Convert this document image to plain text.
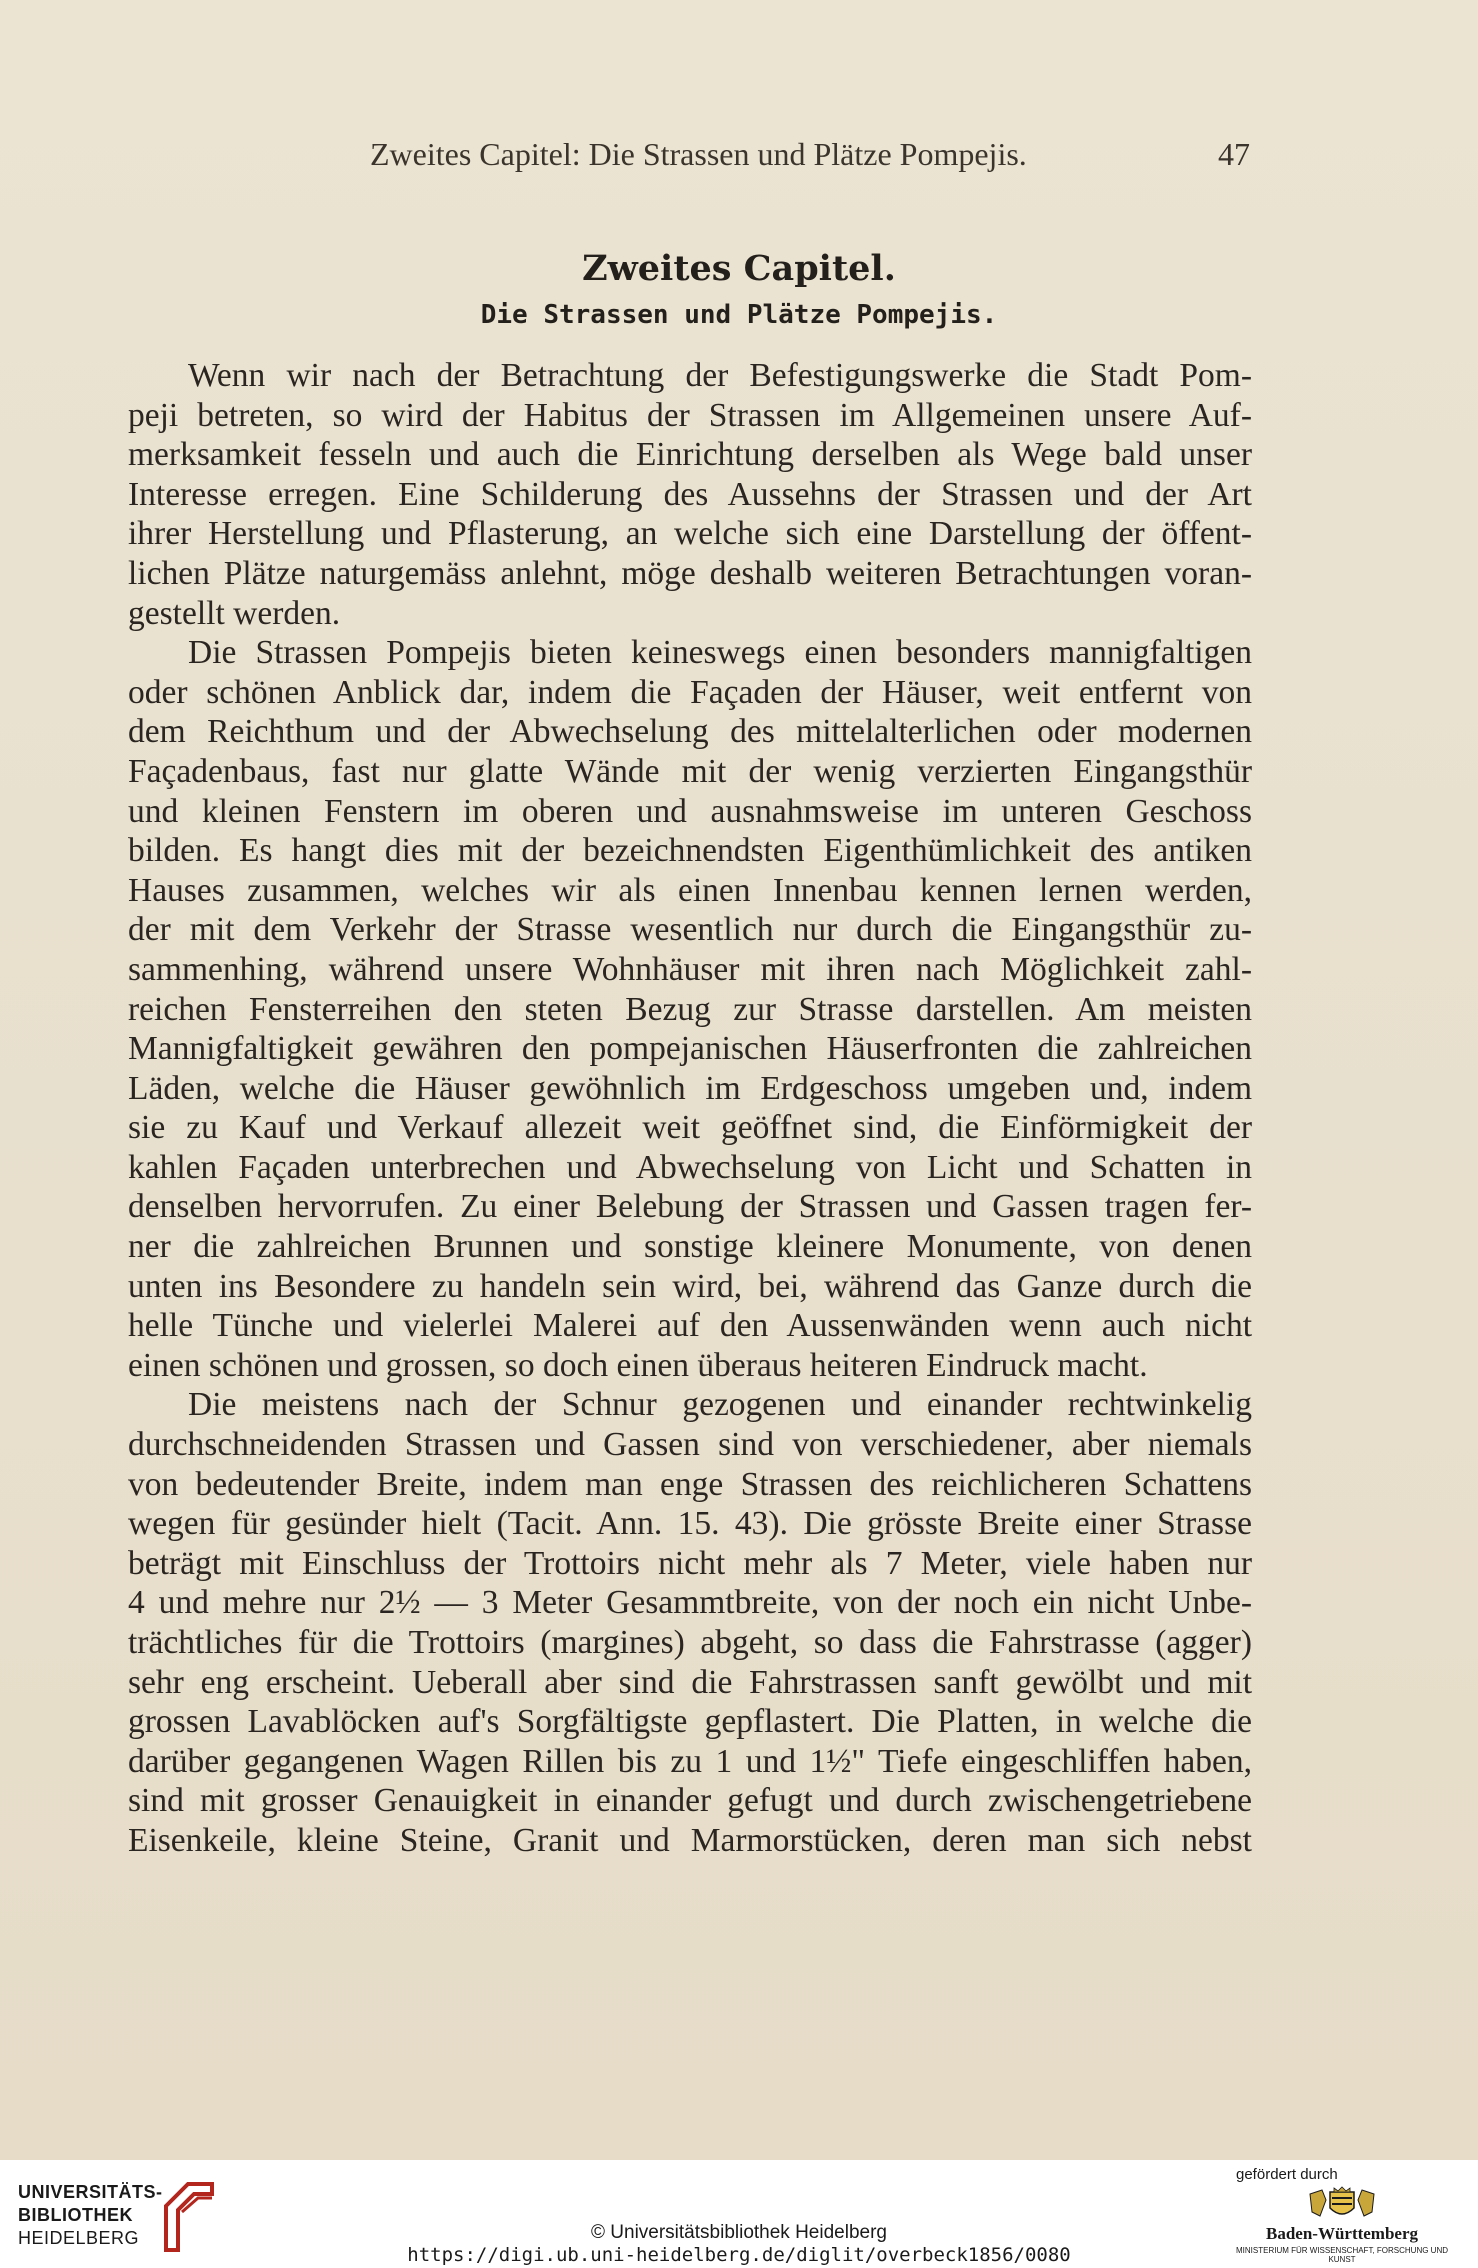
Zweites Capitel: Die Strassen und Plätze Pompejis.	47
Zweites Capitel.
Die Strassen und Plätze Pompejis.
Wenn wir nach der Betrachtung der Befestigungswerke die Stadt Pom-
peji betreten, so wird der Habitus der Strassen im Allgemeinen unsere Auf-
merksamkeit fesseln und auch die Einrichtung derselben als Wege bald unser
Interesse erregen. Eine Schilderung des Aussehns der Strassen und der Art
ihrer Herstellung und Pflasterung, an welche sich eine Darstellung der öffent-
lichen Plätze naturgemäss anlehnt, möge deshalb weiteren Betrachtungen voran-
gestellt werden.
Die Strassen Pompejis bieten keineswegs einen besonders mannigfaltigen
oder schönen Anblick dar, indem die Façaden der Häuser, weit entfernt von
dem Reichthum und der Abwechselung des mittelalterlichen oder modernen
Façadenbaus, fast nur glatte Wände mit der wenig verzierten Eingangsthür
und kleinen Fenstern im oberen und ausnahmsweise im unteren Geschoss
bilden. Es hangt dies mit der bezeichnendsten Eigenthümlichkeit des antiken
Hauses zusammen, welches wir als einen Innenbau kennen lernen werden,
der mit dem Verkehr der Strasse wesentlich nur durch die Eingangsthür zu-
sammenhing, während unsere Wohnhäuser mit ihren nach Möglichkeit zahl-
reichen Fensterreihen den steten Bezug zur Strasse darstellen. Am meisten
Mannigfaltigkeit gewähren den pompejanischen Häuserfronten die zahlreichen
Läden, welche die Häuser gewöhnlich im Erdgeschoss umgeben und, indem
sie zu Kauf und Verkauf allezeit weit geöffnet sind, die Einförmigkeit der
kahlen Façaden unterbrechen und Abwechselung von Licht und Schatten in
denselben hervorrufen. Zu einer Belebung der Strassen und Gassen tragen fer-
ner die zahlreichen Brunnen und sonstige kleinere Monumente, von denen
unten ins Besondere zu handeln sein wird, bei, während das Ganze durch die
helle Tünche und vielerlei Malerei auf den Aussenwänden wenn auch nicht
einen schönen und grossen, so doch einen überaus heiteren Eindruck macht.
Die meistens nach der Schnur gezogenen und einander rechtwinkelig
durchschneidenden Strassen und Gassen sind von verschiedener, aber niemals
von bedeutender Breite, indem man enge Strassen des reichlicheren Schattens
wegen für gesünder hielt (Tacit. Ann. 15. 43). Die grösste Breite einer Strasse
beträgt mit Einschluss der Trottoirs nicht mehr als 7 Meter, viele haben nur
4 und mehre nur 2½ — 3 Meter Gesammtbreite, von der noch ein nicht Unbe-
trächtliches für die Trottoirs (margines) abgeht, so dass die Fahrstrasse (agger)
sehr eng erscheint. Ueberall aber sind die Fahrstrassen sanft gewölbt und mit
grossen Lavablöcken auf's Sorgfältigste gepflastert. Die Platten, in welche die
darüber gegangenen Wagen Rillen bis zu 1 und 1½" Tiefe eingeschliffen haben,
sind mit grosser Genauigkeit in einander gefugt und durch zwischengetriebene
Eisenkeile, kleine Steine, Granit und Marmorstücken, deren man sich nebst
UNIVERSITÄTS-
BIBLIOTHEK
HEIDELBERG	© Universitätsbibliothek Heidelberg
https://digi.ub.uni-heidelberg.de/diglit/overbeck1856/0080
gefördert durch
Baden-Württemberg
MINISTERIUM FÜR WISSENSCHAFT, FORSCHUNG UND KUNST
